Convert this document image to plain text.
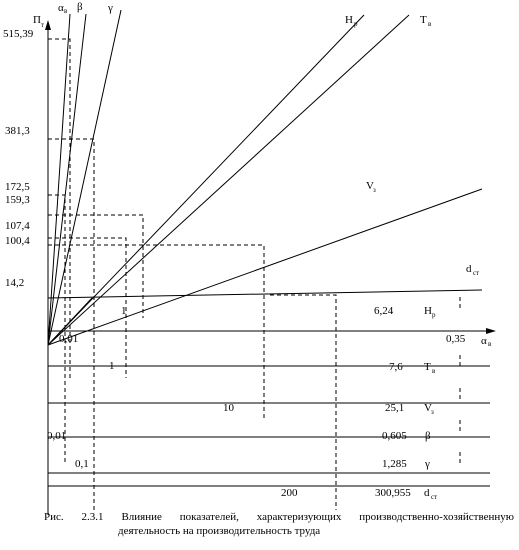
П т
515,39
381,3
172,5
159,3
107,4
100,4
14,2
α в β γ
Н р	Т в
V з
d ст
α в
0,01
1	6,24	Н р
0,35
1	7,6 Т в
10	25,1 V з
0,01	0,605 β
0,1	1,285 γ
200	300,955 d ст
Рис. 2.3.1 Влияние показателей, характеризующих производственно-хозяйственную
деятельность на производительность труда
